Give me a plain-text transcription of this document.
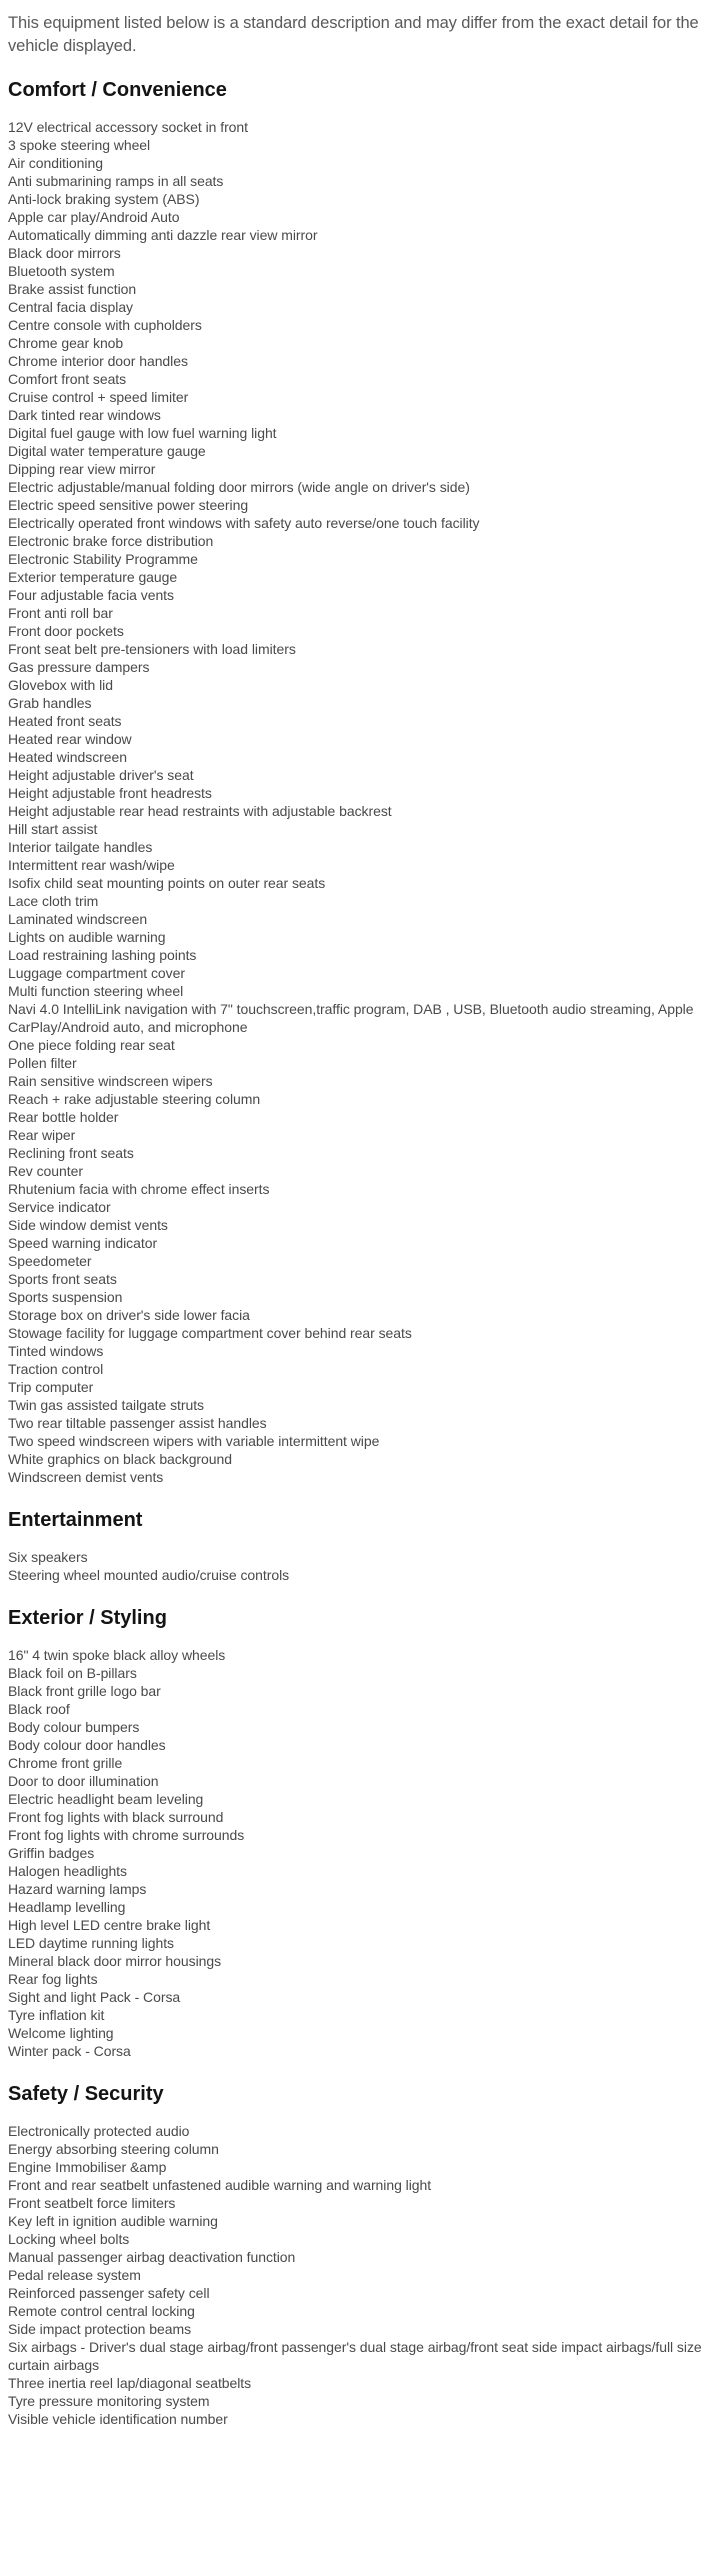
This equipment listed below is a standard description and may differ from the exact detail for the vehicle displayed.

Comfort / Convenience
12V electrical accessory socket in front
3 spoke steering wheel
Air conditioning
Anti submarining ramps in all seats
Anti-lock braking system (ABS)
Apple car play/Android Auto
Automatically dimming anti dazzle rear view mirror
Black door mirrors
Bluetooth system
Brake assist function
Central facia display
Centre console with cupholders
Chrome gear knob
Chrome interior door handles
Comfort front seats
Cruise control + speed limiter
Dark tinted rear windows
Digital fuel gauge with low fuel warning light
Digital water temperature gauge
Dipping rear view mirror
Electric adjustable/manual folding door mirrors (wide angle on driver's side)
Electric speed sensitive power steering
Electrically operated front windows with safety auto reverse/one touch facility
Electronic brake force distribution
Electronic Stability Programme
Exterior temperature gauge
Four adjustable facia vents
Front anti roll bar
Front door pockets
Front seat belt pre-tensioners with load limiters
Gas pressure dampers
Glovebox with lid
Grab handles
Heated front seats
Heated rear window
Heated windscreen
Height adjustable driver's seat
Height adjustable front headrests
Height adjustable rear head restraints with adjustable backrest
Hill start assist
Interior tailgate handles
Intermittent rear wash/wipe
Isofix child seat mounting points on outer rear seats
Lace cloth trim
Laminated windscreen
Lights on audible warning
Load restraining lashing points
Luggage compartment cover
Multi function steering wheel
Navi 4.0 IntelliLink navigation with 7" touchscreen,traffic program, DAB , USB, Bluetooth audio streaming, Apple CarPlay/Android auto, and microphone
One piece folding rear seat
Pollen filter
Rain sensitive windscreen wipers
Reach + rake adjustable steering column
Rear bottle holder
Rear wiper
Reclining front seats
Rev counter
Rhutenium facia with chrome effect inserts
Service indicator
Side window demist vents
Speed warning indicator
Speedometer
Sports front seats
Sports suspension
Storage box on driver's side lower facia
Stowage facility for luggage compartment cover behind rear seats
Tinted windows
Traction control
Trip computer
Twin gas assisted tailgate struts
Two rear tiltable passenger assist handles
Two speed windscreen wipers with variable intermittent wipe
White graphics on black background
Windscreen demist vents
Entertainment
Six speakers
Steering wheel mounted audio/cruise controls
Exterior / Styling
16" 4 twin spoke black alloy wheels
Black foil on B-pillars
Black front grille logo bar
Black roof
Body colour bumpers
Body colour door handles
Chrome front grille
Door to door illumination
Electric headlight beam leveling
Front fog lights with black surround
Front fog lights with chrome surrounds
Griffin badges
Halogen headlights
Hazard warning lamps
Headlamp levelling
High level LED centre brake light
LED daytime running lights
Mineral black door mirror housings
Rear fog lights
Sight and light Pack - Corsa
Tyre inflation kit
Welcome lighting
Winter pack - Corsa
Safety / Security
Electronically protected audio
Energy absorbing steering column
Engine Immobiliser &amp
Front and rear seatbelt unfastened audible warning and warning light
Front seatbelt force limiters
Key left in ignition audible warning
Locking wheel bolts
Manual passenger airbag deactivation function
Pedal release system
Reinforced passenger safety cell
Remote control central locking
Side impact protection beams
Six airbags - Driver's dual stage airbag/front passenger's dual stage airbag/front seat side impact airbags/full size curtain airbags
Three inertia reel lap/diagonal seatbelts
Tyre pressure monitoring system
Visible vehicle identification number
